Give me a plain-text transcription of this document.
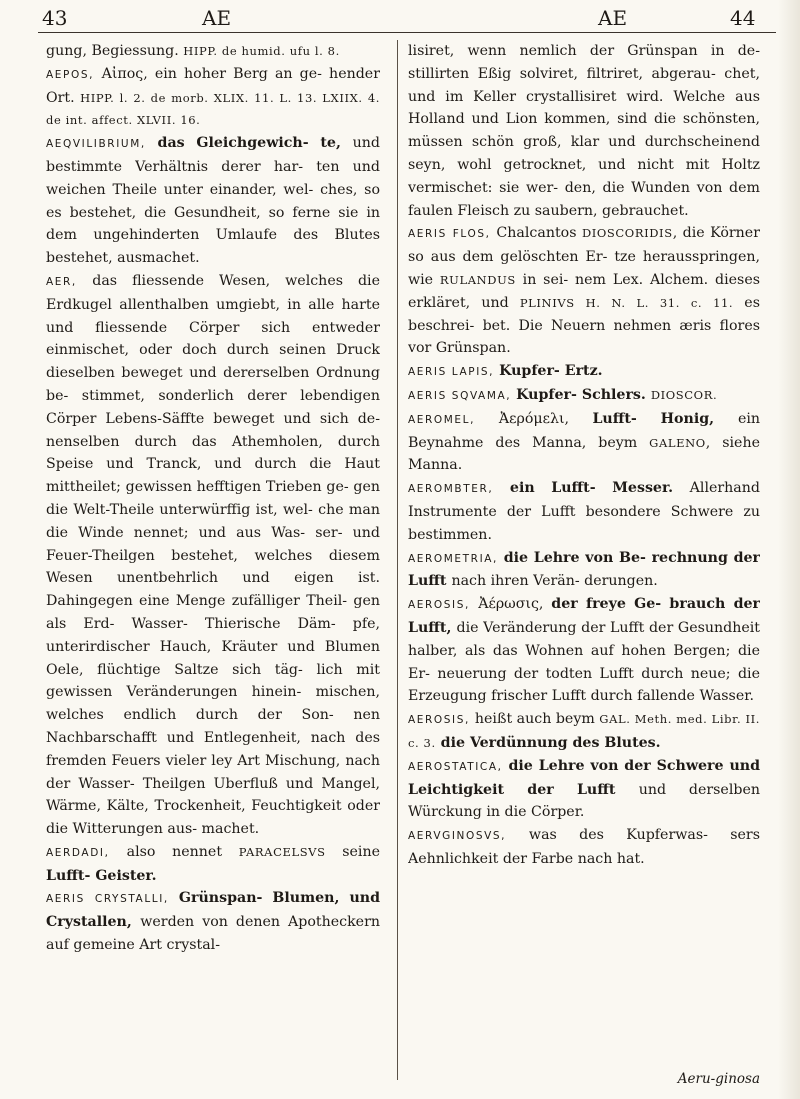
43	AE	AE	44

gung, Begiessung. HIPP. de humid. ufu l. 8.

AEPOS, Αἰπος, ein hoher Berg an ge- hender Ort. HIPP. l. 2. de morb. XLIX. 11. L. 13. LXIIX. 4. de int. affect. XLVII. 16.

AEQVILIBRIUM, das Gleichgewich- te, und bestimmte Verhältnis derer har- ten und weichen Theile unter einander, wel- ches, so es bestehet, die Gesundheit, so ferne sie in dem ungehinderten Umlaufe des Blutes bestehet, ausmachet.

AER, das fliessende Wesen, welches die Erdkugel allenthalben umgiebt, in alle harte und fliessende Cörper sich entweder einmischet, oder doch durch seinen Druck dieselben beweget und dererselben Ordnung be- stimmet, sonderlich derer lebendigen Cörper Lebens-Säffte beweget und sich de- nenselben durch das Athemholen, durch Speise und Tranck, und durch die Haut mittheilet; gewissen hefftigen Trieben ge- gen die Welt-Theile unterwürffig ist, wel- che man die Winde nennet; und aus Was- ser- und Feuer-Theilgen bestehet, welches diesem Wesen unentbehrlich und eigen ist. Dahingegen eine Menge zufälliger Theil- gen als Erd- Wasser- Thierische Däm- pfe, unterirdischer Hauch, Kräuter und Blumen Oele, flüchtige Saltze sich täg- lich mit gewissen Veränderungen hinein- mischen, welches endlich durch der Son- nen Nachbarschafft und Entlegenheit, nach des fremden Feuers vieler ley Art Mischung, nach der Wasser- Theilgen Uberfluß und Mangel, Wärme, Kälte, Trockenheit, Feuchtigkeit oder die Witterungen aus- machet.

AERDADI, also nennet PARACELSVS seine Lufft- Geister.

AERIS CRYSTALLI, Grünspan- Blumen, und Crystallen, werden von denen Apotheckern auf gemeine Art crystal-

lisiret, wenn nemlich der Grünspan in de- stillirten Eßig solviret, filtriret, abgerau- chet, und im Keller crystallisiret wird. Welche aus Holland und Lion kommen, sind die schönsten, müssen schön groß, klar und durchscheinend seyn, wohl getrocknet, und nicht mit Holtz vermischet: sie wer- den, die Wunden von dem faulen Fleisch zu saubern, gebrauchet.

AERIS FLOS, Chalcantos DIOSCORIDIS, die Körner so aus dem gelöschten Er- tze herausspringen, wie RULANDUS in sei- nem Lex. Alchem. dieses erkläret, und PLINIVS H. N. L. 31. c. 11. es beschrei- bet. Die Neuern nehmen æris flores vor Grünspan.

AERIS LAPIS, Kupfer- Ertz.

AERIS SQVAMA, Kupfer- Schlers. DIOSCOR.

AEROMEL, Ἀερόμελι, Lufft- Honig, ein Beynahme des Manna, beym GALENO, siehe Manna.

AEROMBTER, ein Lufft- Messer. Allerhand Instrumente der Lufft besondere Schwere zu bestimmen.

AEROMETRIA, die Lehre von Be- rechnung der Lufft nach ihren Verän- derungen.

AEROSIS, Ἀέρωσις, der freye Ge- brauch der Lufft, die Veränderung der Lufft der Gesundheit halber, als das Wohnen auf hohen Bergen; die Er- neuerung der todten Lufft durch neue; die Erzeugung frischer Lufft durch fallende Wasser.

AEROSIS, heißt auch beym GAL. Meth. med. Libr. II. c. 3. die Verdünnung des Blutes.

AEROSTATICA, die Lehre von der Schwere und Leichtigkeit der Lufft und derselben Würckung in die Cörper.

AERVGINOSVS, was des Kupferwas- sers Aehnlichkeit der Farbe nach hat.

Aeru-ginosa
